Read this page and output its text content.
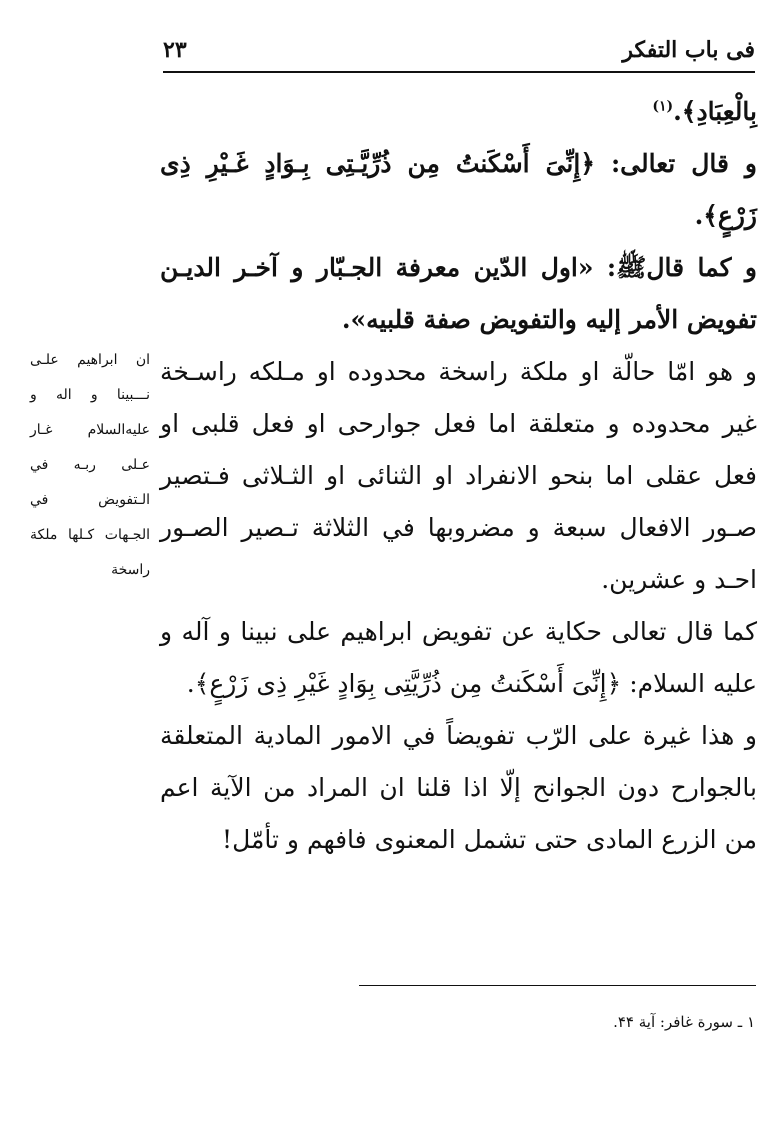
فی باب التفکر
۲۳

بِالْعِبَادِ﴾.$^{(۱)}$

و قال تعالی: ﴿إِنِّیَ أَسْکَنتُ مِن ذُرِّیَّـتِی بِـوَادٍ غَـیْرِ ذِی زَرْعٍ﴾.

و کما قالﷺ: «اول الدّین معرفة الجـبّار و آخـر الدیـن تفویض الأمر إلیه والتفویض صفة قلبیه».

و هو امّا حالّة او ملکة راسخة محدوده او مـلکه راسـخة غیر محدوده و متعلقة اما فعل جوارحی او فعل قلبی او فعل عقلی اما بنحو الانفراد او الثنائی او الثـلاثی فـتصیر صـور الافعال سبعة و مضروبها في الثلاثة تـصیر الصـور احـد و عشرین.

کما قال تعالی حکایة عن تفویض ابراهیم علی نبینا و آله و علیه السلام: ﴿إِنِّیَ أَسْکَنتُ مِن ذُرِّیَّتِی بِوَادٍ غَیْرِ ذِی زَرْعٍ﴾.

و هذا غیرة علی الرّب تفویضاً في الامور المادیة المتعلقة بالجوارح دون الجوانح إلّا اذا قلنا ان المراد من الآیة اعم من الزرع المادی حتی تشمل المعنوی فافهم و تأمّل!

ان ابراهیم علـی نـــبینا و اله و علیه‌السلام غـار عـلی ربـه في الـتفویض في الجـهات کـلها ملکة راسخة

۱ ـ سورة غافر: آیة ۴۴.
